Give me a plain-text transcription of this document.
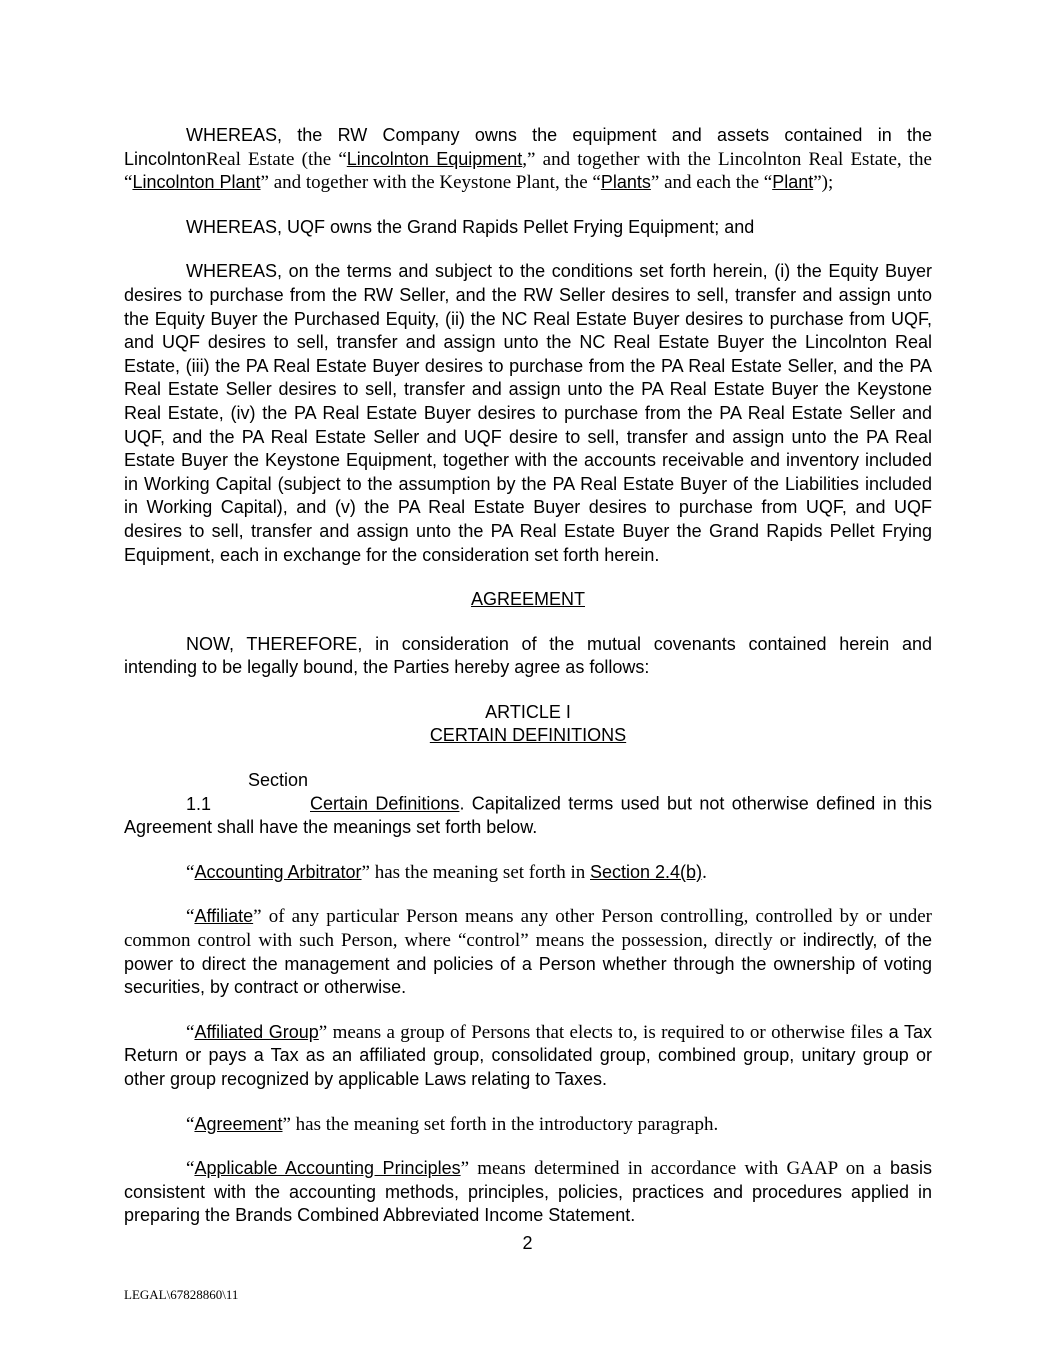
WHEREAS, the RW Company owns the equipment and assets contained in the LincolntonReal Estate (the “Lincolnton Equipment,” and together with the Lincolnton Real Estate, the “Lincolnton Plant” and together with the Keystone Plant, the “Plants” and each the “Plant”);

WHEREAS, UQF owns the Grand Rapids Pellet Frying Equipment; and

WHEREAS, on the terms and subject to the conditions set forth herein, (i) the Equity Buyer desires to purchase from the RW Seller, and the RW Seller desires to sell, transfer and assign unto the Equity Buyer the Purchased Equity, (ii) the NC Real Estate Buyer desires to purchase from UQF, and UQF desires to sell, transfer and assign unto the NC Real Estate Buyer the Lincolnton Real Estate, (iii) the PA Real Estate Buyer desires to purchase from the PA Real Estate Seller, and the PA Real Estate Seller desires to sell, transfer and assign unto the PA Real Estate Buyer the Keystone Real Estate, (iv) the PA Real Estate Buyer desires to purchase from the PA Real Estate Seller and UQF, and the PA Real Estate Seller and UQF desire to sell, transfer and assign unto the PA Real Estate Buyer the Keystone Equipment, together with the accounts receivable and inventory included in Working Capital (subject to the assumption by the PA Real Estate Buyer of the Liabilities included in Working Capital), and (v) the PA Real Estate Buyer desires to purchase from UQF, and UQF desires to sell, transfer and assign unto the PA Real Estate Buyer the Grand Rapids Pellet Frying Equipment, each in exchange for the consideration set forth herein.

AGREEMENT

NOW, THEREFORE, in consideration of the mutual covenants contained herein and intending to be legally bound, the Parties hereby agree as follows:

ARTICLE I
CERTAIN DEFINITIONS

Section 1.1	Certain Definitions. Capitalized terms used but not otherwise defined in this Agreement shall have the meanings set forth below.

“Accounting Arbitrator” has the meaning set forth in Section 2.4(b).

“Affiliate” of any particular Person means any other Person controlling, controlled by or under common control with such Person, where “control” means the possession, directly or indirectly, of the power to direct the management and policies of a Person whether through the ownership of voting securities, by contract or otherwise.

“Affiliated Group” means a group of Persons that elects to, is required to or otherwise files a Tax Return or pays a Tax as an affiliated group, consolidated group, combined group, unitary group or other group recognized by applicable Laws relating to Taxes.

“Agreement” has the meaning set forth in the introductory paragraph.

“Applicable Accounting Principles” means determined in accordance with GAAP on a basis consistent with the accounting methods, principles, policies, practices and procedures applied in preparing the Brands Combined Abbreviated Income Statement.

2
LEGAL\67828860\11
